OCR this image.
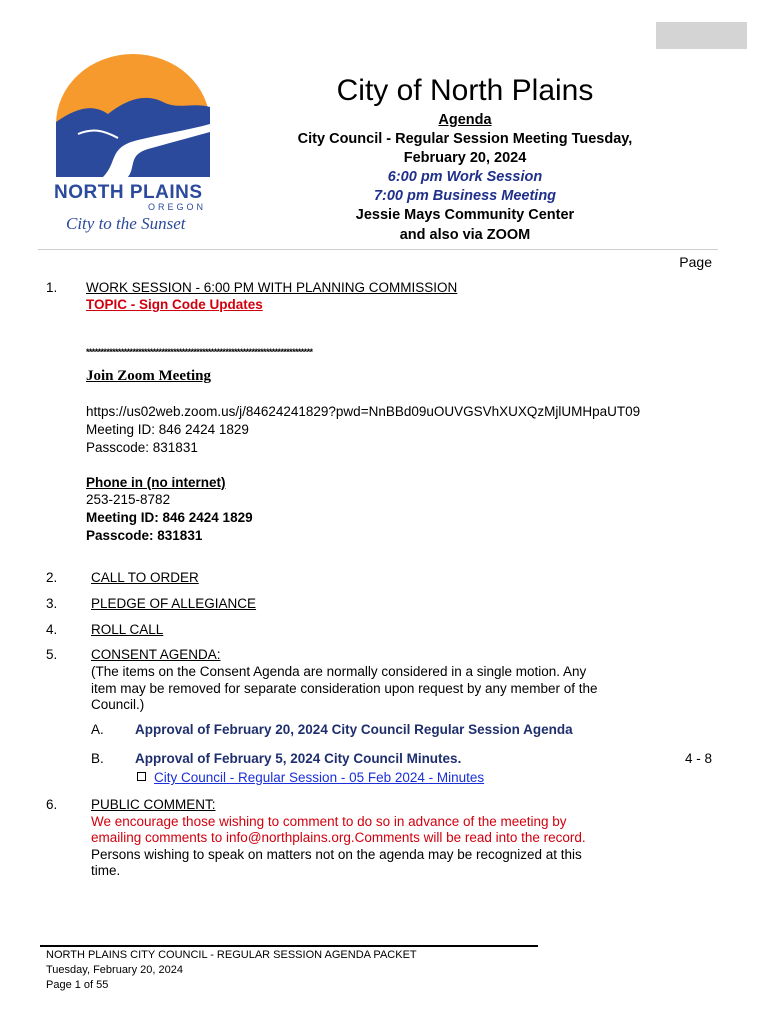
NORTH PLAINS
OREGON
City to the Sunset
City of North Plains
Agenda
City Council - Regular Session Meeting Tuesday,
February 20, 2024
6:00 pm Work Session
7:00 pm Business Meeting
Jessie Mays Community Center
and also via ZOOM
Page
1. WORK SESSION - 6:00 PM WITH PLANNING COMMISSION
TOPIC - Sign Code Updates
******************************************************************************
Join Zoom Meeting
https://us02web.zoom.us/j/84624241829?pwd=NnBBd09uOUVGSVhXUXQzMjlUMHpaUT09
Meeting ID: 846 2424 1829
Passcode: 831831
Phone in (no internet)
253-215-8782
Meeting ID: 846 2424 1829
Passcode: 831831
2. CALL TO ORDER
3. PLEDGE OF ALLEGIANCE
4. ROLL CALL
5. CONSENT AGENDA:
(The items on the Consent Agenda are normally considered in a single motion. Any
item may be removed for separate consideration upon request by any member of the
Council.)
A. Approval of February 20, 2024 City Council Regular Session Agenda
B. Approval of February 5, 2024 City Council Minutes.	4 - 8
City Council - Regular Session - 05 Feb 2024 - Minutes
6. PUBLIC COMMENT:
We encourage those wishing to comment to do so in advance of the meeting by
emailing comments to info@northplains.org.Comments will be read into the record.
Persons wishing to speak on matters not on the agenda may be recognized at this
time.
NORTH PLAINS CITY COUNCIL - REGULAR SESSION AGENDA PACKET
Tuesday, February 20, 2024
Page 1 of 55
